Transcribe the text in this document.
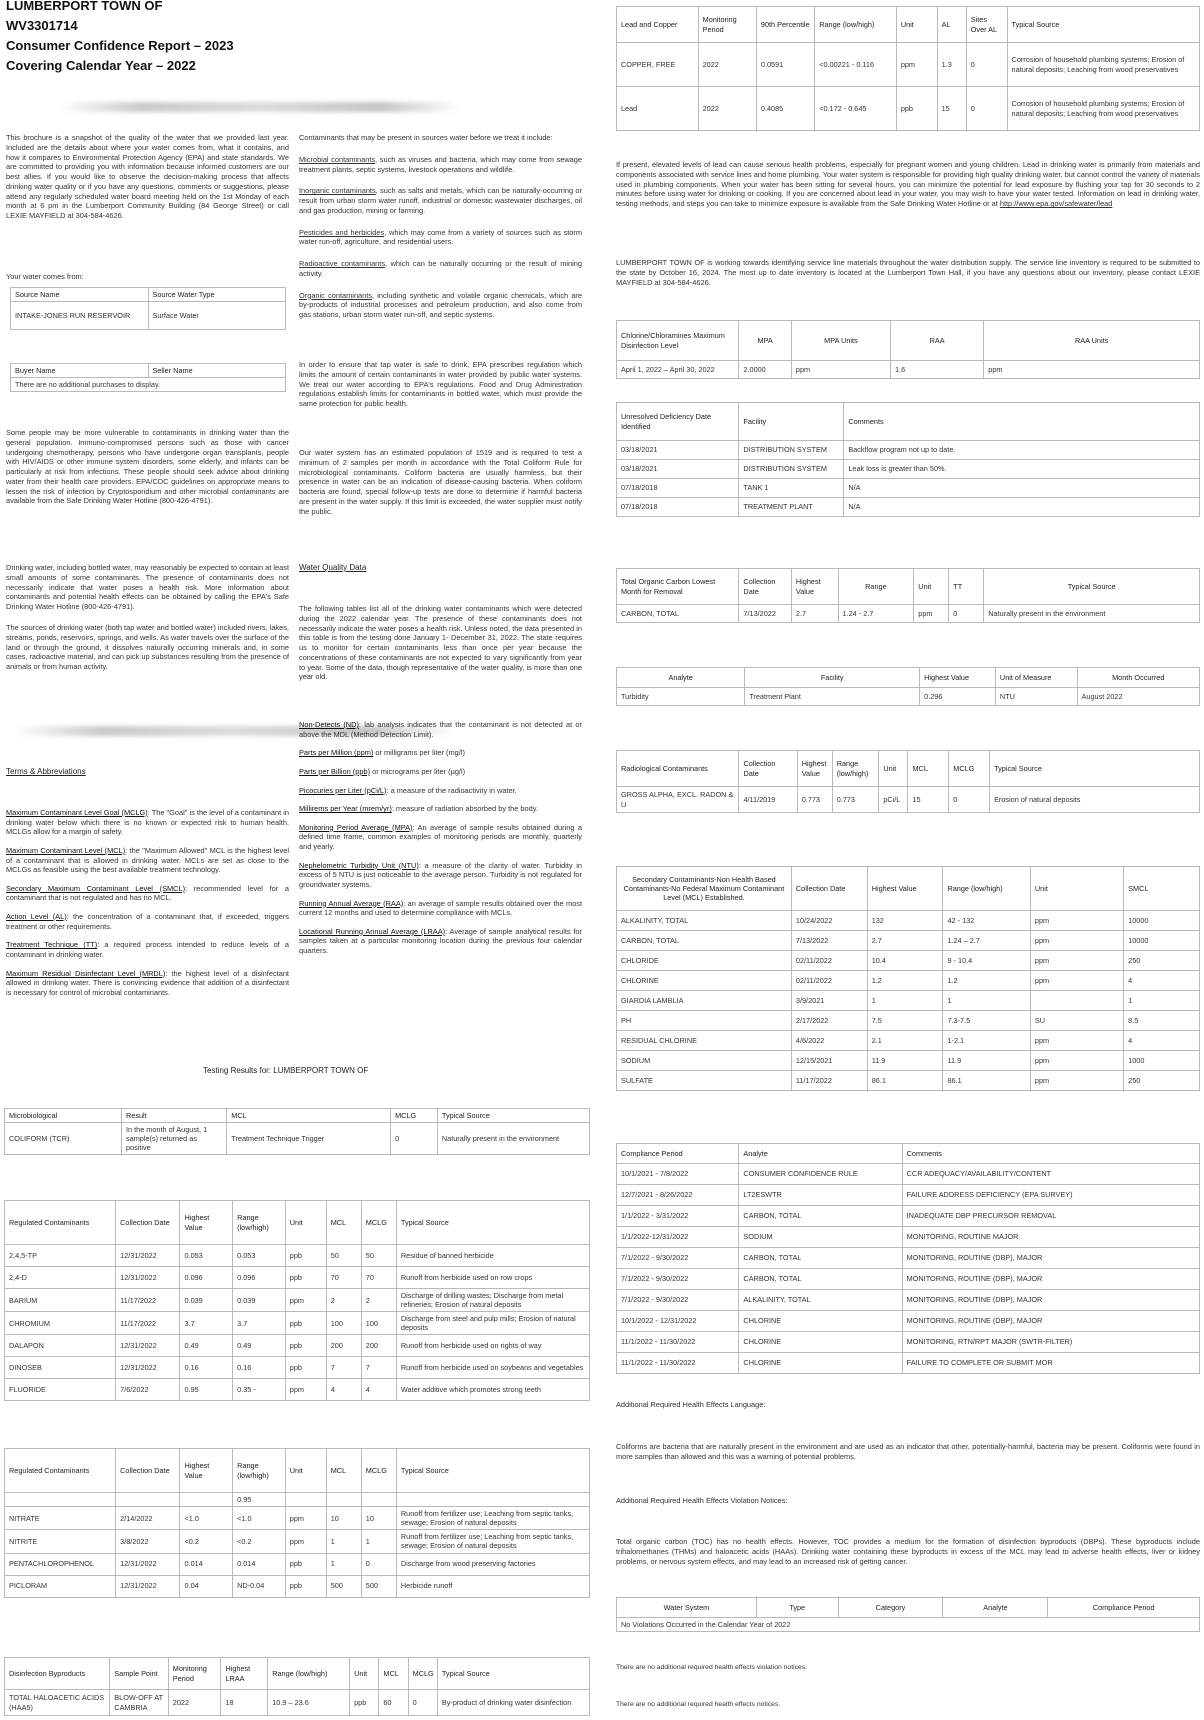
LUMBERPORT TOWN OF
WV3301714
Consumer Confidence Report – 2023
Covering Calendar Year – 2022
This brochure is a snapshot of the quality of the water that we provided last year. Included are the details about where your water comes from, what it contains, and how it compares to Environmental Protection Agency (EPA) and state standards. We are committed to providing you with information because informed customers are our best allies. If you would like to observe the decision-making process that affects drinking water quality or if you have any questions, comments or suggestions, please attend any regularly scheduled water board meeting held on the 1st Monday of each month at 6 pm in the Lumberport Community Building (84 George Street) or call LEXIE MAYFIELD at 304-584-4626.
Your water comes from:
Source Name	Source Water Type
INTAKE-JONES RUN RESERVOIR	Surface Water
Buyer Name	Seller Name
There are no additional purchases to display.
Some people may be more vulnerable to contaminants in drinking water than the general population. Immuno-compromised persons such as those with cancer undergoing chemotherapy, persons who have undergone organ transplants, people with HIV/AIDS or other immune system disorders, some elderly, and infants can be particularly at risk from infections. These people should seek advice about drinking water from their health care providers. EPA/CDC guidelines on appropriate means to lessen the risk of infection by Cryptosporidium and other microbial contaminants are available from the Safe Drinking Water Hotline (800-426-4791).
Drinking water, including bottled water, may reasonably be expected to contain at least small amounts of some contaminants. The presence of contaminants does not necessarily indicate that water poses a health risk. More information about contaminants and potential health effects can be obtained by calling the EPA's Safe Drinking Water Hotline (800-426-4791).
The sources of drinking water (both tap water and bottled water) included rivers, lakes, streams, ponds, reservoirs, springs, and wells. As water travels over the surface of the land or through the ground, it dissolves naturally occurring minerals and, in some cases, radioactive material, and can pick up substances resulting from the presence of animals or from human activity.
Terms & Abbreviations
Maximum Contaminant Level Goal (MCLG): The "Goal" is the level of a contaminant in drinking water below which there is no known or expected risk to human health. MCLGs allow for a margin of safety.
Maximum Contaminant Level (MCL): the "Maximum Allowed" MCL is the highest level of a contaminant that is allowed in drinking water. MCLs are set as close to the MCLGs as feasible using the best available treatment technology.
Secondary Maximum Contaminant Level (SMCL): recommended level for a contaminant that is not regulated and has no MCL.
Action Level (AL): the concentration of a contaminant that, if exceeded, triggers treatment or other requirements.
Treatment Technique (TT): a required process intended to reduce levels of a contaminant in drinking water.
Maximum Residual Disinfectant Level (MRDL): the highest level of a disinfectant allowed in drinking water. There is convincing evidence that addition of a disinfectant is necessary for control of microbial contaminants.
Contaminants that may be present in sources water before we treat it include:
Microbial contaminants, such as viruses and bacteria, which may come from sewage treatment plants, septic systems, livestock operations and wildlife.
Inorganic contaminants, such as salts and metals, which can be naturally-occurring or result from urban storm water runoff, industrial or domestic wastewater discharges, oil and gas production, mining or farming.
Pesticides and herbicides, which may come from a variety of sources such as storm water run-off, agriculture, and residential users.
Radioactive contaminants, which can be naturally occurring or the result of mining activity.
Organic contaminants, including synthetic and volatile organic chemicals, which are by-products of industrial processes and petroleum production, and also come from gas stations, urban storm water run-off, and septic systems.
In order to ensure that tap water is safe to drink, EPA prescribes regulation which limits the amount of certain contaminants in water provided by public water systems. We treat our water according to EPA's regulations. Food and Drug Administration regulations establish limits for contaminants in bottled water, which must provide the same protection for public health.
Our water system has an estimated population of 1519 and is required to test a minimum of 2 samples per month in accordance with the Total Coliform Rule for microbiological contaminants. Coliform bacteria are usually harmless, but their presence in water can be an indication of disease-causing bacteria. When coliform bacteria are found, special follow-up tests are done to determine if harmful bacteria are present in the water supply. If this limit is exceeded, the water supplier must notify the public.
Water Quality Data
The following tables list all of the drinking water contaminants which were detected during the 2022 calendar year. The presence of these contaminants does not necessarily indicate the water poses a health risk. Unless noted, the data presented in this table is from the testing done January 1- December 31, 2022. The state requires us to monitor for certain contaminants less than once per year because the concentrations of these contaminants are not expected to vary significantly from year to year. Some of the data, though representative of the water quality, is more than one year old.
Non-Detects (ND): lab analysis indicates that the contaminant is not detected at or above the MDL (Method Detection Limit).
Parts per Million (ppm) or milligrams per liter (mg/l)
Parts per Billion (ppb) or micrograms per liter (µg/l)
Picocuries per Liter (pCi/L): a measure of the radioactivity in water.
Millirems per Year (mrem/yr): measure of radiation absorbed by the body.
Monitoring Period Average (MPA): An average of sample results obtained during a defined time frame, common examples of monitoring periods are monthly, quarterly and yearly.
Nephelometric Turbidity Unit (NTU): a measure of the clarity of water. Turbidity in excess of 5 NTU is just noticeable to the average person. Turbidity is not regulated for groundwater systems.
Running Annual Average (RAA): an average of sample results obtained over the most current 12 months and used to determine compliance with MCLs.
Locational Running Annual Average (LRAA): Average of sample analytical results for samples taken at a particular monitoring location during the previous four calendar quarters.
Testing Results for: LUMBERPORT TOWN OF
Microbiological	Result	MCL	MCLG	Typical Source
COLIFORM (TCR)	In the month of August, 1 sample(s) returned as positive	Treatment Technique Trigger	0	Naturally present in the environment
Regulated Contaminants	Collection Date	Highest Value	Range (low/high)	Unit	MCL	MCLG	Typical Source
2,4,5-TP	12/31/2022	0.053	0.053	ppb	50	50	Residue of banned herbicide
2,4-D	12/31/2022	0.096	0.096	ppb	70	70	Runoff from herbicide used on row crops
BARIUM	11/17/2022	0.039	0.039	ppm	2	2	Discharge of drilling wastes; Discharge from metal refineries; Erosion of natural deposits
CHROMIUM	11/17/2022	3.7	3.7	ppb	100	100	Discharge from steel and pulp mills; Erosion of natural deposits
DALAPON	12/31/2022	0.49	0.49	ppb	200	200	Runoff from herbicide used on rights of way
DINOSEB	12/31/2022	0.16	0.16	ppb	7	7	Runoff from herbicide used on soybeans and vegetables
FLUORIDE	7/6/2022	0.95	0.35 -	ppm	4	4	Water additive which promotes strong teeth
Regulated Contaminants	Collection Date	Highest Value	Range (low/high)	Unit	MCL	MCLG	Typical Source
			0.95				
NITRATE	2/14/2022	<1.0	<1.0	ppm	10	10	Runoff from fertilizer use; Leaching from septic tanks, sewage; Erosion of natural deposits
NITRITE	3/8/2022	<0.2	<0.2	ppm	1	1	Runoff from fertilizer use; Leaching from septic tanks, sewage; Erosion of natural deposits
PENTACHLOROPHENOL	12/31/2022	0.014	0.014	ppb	1	0	Discharge from wood preserving factories
PICLORAM	12/31/2022	0.04	ND-0.04	ppb	500	500	Herbicide runoff
Disinfection Byproducts	Sample Point	Monitoring Period	Highest LRAA	Range (low/high)	Unit	MCL	MCLG	Typical Source
TOTAL HALOACETIC ACIDS (HAA5)	BLOW-OFF AT CAMBRIA	2022	18	10.9 – 23.6	ppb	60	0	By-product of drinking water disinfection
Lead and Copper	Monitoring Period	90th Percentile	Range (low/high)	Unit	AL	Sites Over AL	Typical Source
COPPER, FREE	2022	0.0591	<0.00221 - 0.116	ppm	1.3	0	Corrosion of household plumbing systems; Erosion of natural deposits; Leaching from wood preservatives
Lead	2022	0.4085	<0.172 - 0.645	ppb	15	0	Corrosion of household plumbing systems; Erosion of natural deposits; Leaching from wood preservatives
If present, elevated levels of lead can cause serious health problems, especially for pregnant women and young children. Lead in drinking water is primarily from materials and components associated with service lines and home plumbing. Your water system is responsible for providing high quality drinking water, but cannot control the variety of materials used in plumbing components. When your water has been sitting for several hours, you can minimize the potential for lead exposure by flushing your tap for 30 seconds to 2 minutes before using water for drinking or cooking. If you are concerned about lead in your water, you may wish to have your water tested. Information on lead in drinking water, testing methods, and steps you can take to minimize exposure is available from the Safe Drinking Water Hotline or at http://www.epa.gov/safewater/lead
LUMBERPORT TOWN OF is working towards identifying service line materials throughout the water distribution supply. The service line inventory is required to be submitted to the state by October 16, 2024. The most up to date inventory is located at the Lumberport Town Hall, if you have any questions about our inventory, please contact LEXIE MAYFIELD at 304-584-4626.
Chlorine/Chloramines Maximum Disinfection Level	MPA	MPA Units	RAA	RAA Units
April 1, 2022 – April 30, 2022	2.0000	ppm	1.6	ppm
Unresolved Deficiency Date Identified	Facility	Comments
03/18/2021	DISTRIBUTION SYSTEM	Backflow program not up to date.
03/18/2021	DISTRIBUTION SYSTEM	Leak loss is greater than 50%.
07/18/2018	TANK 1	N/A
07/18/2018	TREATMENT PLANT	N/A
Total Organic Carbon Lowest Month for Removal	Collection Date	Highest Value	Range	Unit	TT	Typical Source
CARBON, TOTAL	7/13/2022	2.7	1.24 - 2.7	ppm	0	Naturally present in the environment
Analyte	Facility	Highest Value	Unit of Measure	Month Occurred
Turbidity	Treatment Plant	0.296	NTU	August 2022
Radiological Contaminants	Collection Date	Highest Value	Range (low/high)	Unit	MCL	MCLG	Typical Source
GROSS ALPHA, EXCL. RADON & U	4/11/2019	0.773	0.773	pCi/L	15	0	Erosion of natural deposits
Secondary Contaminants-Non Health Based Contaminants-No Federal Maximum Contaminant Level (MCL) Established.	Collection Date	Highest Value	Range (low/high)	Unit	SMCL
ALKALINITY, TOTAL	10/24/2022	132	42 - 132	ppm	10000
CARBON, TOTAL	7/13/2022	2.7	1.24 – 2.7	ppm	10000
CHLORIDE	02/11/2022	10.4	9 - 10.4	ppm	250
CHLORINE	02/11/2022	1.2	1.2	ppm	4
GIARDIA LAMBLIA	3/9/2021	1	1		1
PH	2/17/2022	7.5	7.3-7.5	SU	8.5
RESIDUAL CHLORINE	4/6/2022	2.1	1-2.1	ppm	4
SODIUM	12/15/2021	11.9	11.9	ppm	1000
SULFATE	11/17/2022	86.1	86.1	ppm	250
Compliance Period	Analyte	Comments
10/1/2021 - 7/8/2022	CONSUMER CONFIDENCE RULE	CCR ADEQUACY/AVAILABILITY/CONTENT
12/7/2021 - 8/26/2022	LT2ESWTR	FAILURE ADDRESS DEFICIENCY (EPA SURVEY)
1/1/2022 - 3/31/2022	CARBON, TOTAL	INADEQUATE DBP PRECURSOR REMOVAL
1/1/2022-12/31/2022	SODIUM	MONITORING, ROUTINE MAJOR
7/1/2022 - 9/30/2022	CARBON, TOTAL	MONITORING, ROUTINE (DBP), MAJOR
7/1/2022 - 9/30/2022	CARBON, TOTAL	MONITORING, ROUTINE (DBP), MAJOR
7/1/2022 - 9/30/2022	ALKALINITY, TOTAL	MONITORING, ROUTINE (DBP), MAJOR
10/1/2022 - 12/31/2022	CHLORINE	MONITORING, ROUTINE (DBP), MAJOR
11/1/2022 - 11/30/2022	CHLORINE	MONITORING, RTN/RPT MAJOR (SWTR-FILTER)
11/1/2022 - 11/30/2022	CHLORINE	FAILURE TO COMPLETE OR SUBMIT MOR
Additional Required Health Effects Language:
Coliforms are bacteria that are naturally present in the environment and are used as an indicator that other, potentially-harmful, bacteria may be present. Coliforms were found in more samples than allowed and this was a warning of potential problems.
Additional Required Health Effects Violation Notices:
Total organic carbon (TOC) has no health effects. However, TOC provides a medium for the formation of disinfection byproducts (DBPs). These byproducts include trihalomethanes (THMs) and haloacetic acids (HAAs). Drinking water containing these byproducts in excess of the MCL may lead to adverse health effects, liver or kidney problems, or nervous system effects, and may lead to an increased risk of getting cancer.
Water System	Type	Category	Analyte	Compliance Period
No Violations Occurred in the Calendar Year of 2022
There are no additional required health effects violation notices.
There are no additional required health effects notices.
